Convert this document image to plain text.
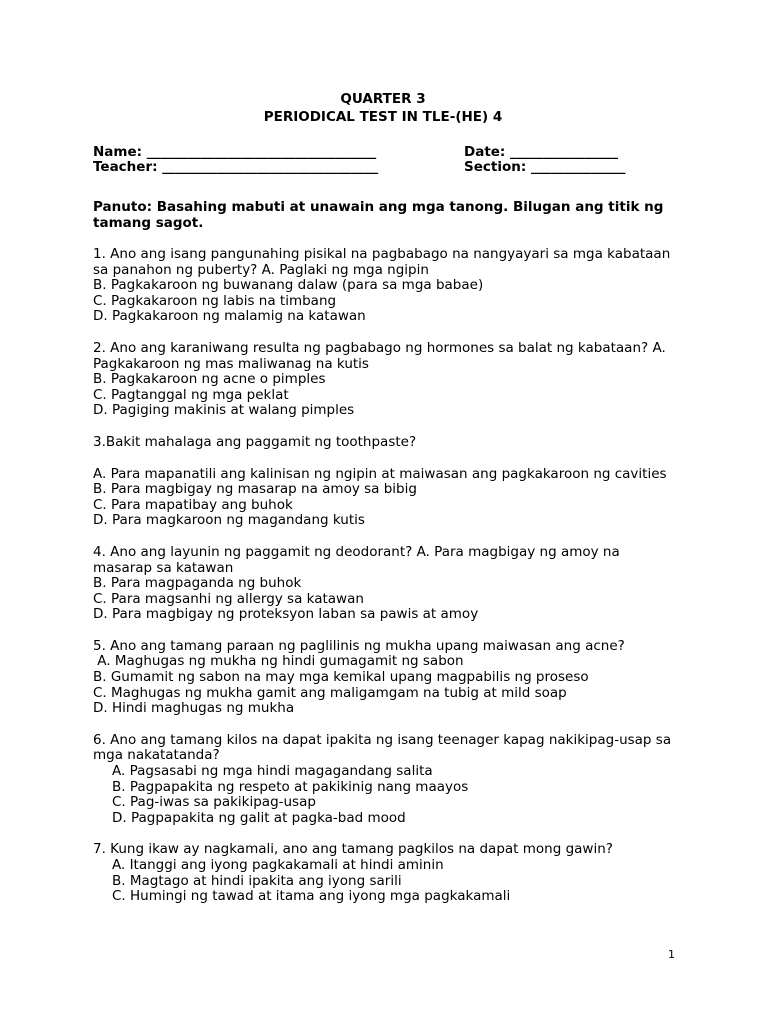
QUARTER 3
PERIODICAL TEST IN TLE-(HE) 4
Name: __________________________________	Date: ________________
Teacher: ________________________________	Section: ______________
Panuto: Basahing mabuti at unawain ang mga tanong. Bilugan ang titik ng tamang sagot.
1. Ano ang isang pangunahing pisikal na pagbabago na nangyayari sa mga kabataan sa panahon ng puberty? A. Paglaki ng mga ngipin
B. Pagkakaroon ng buwanang dalaw (para sa mga babae)
C. Pagkakaroon ng labis na timbang
D. Pagkakaroon ng malamig na katawan
2. Ano ang karaniwang resulta ng pagbabago ng hormones sa balat ng kabataan? A. Pagkakaroon ng mas maliwanag na kutis
B. Pagkakaroon ng acne o pimples
C. Pagtanggal ng mga peklat
D. Pagiging makinis at walang pimples
3.Bakit mahalaga ang paggamit ng toothpaste?
A. Para mapanatili ang kalinisan ng ngipin at maiwasan ang pagkakaroon ng cavities
B. Para magbigay ng masarap na amoy sa bibig
C. Para mapatibay ang buhok
D. Para magkaroon ng magandang kutis
4. Ano ang layunin ng paggamit ng deodorant? A. Para magbigay ng amoy na masarap sa katawan
B. Para magpaganda ng buhok
C. Para magsanhi ng allergy sa katawan
D. Para magbigay ng proteksyon laban sa pawis at amoy
5. Ano ang tamang paraan ng paglilinis ng mukha upang maiwasan ang acne?
A. Maghugas ng mukha ng hindi gumagamit ng sabon
B. Gumamit ng sabon na may mga kemikal upang magpabilis ng proseso
C. Maghugas ng mukha gamit ang maligamgam na tubig at mild soap
D. Hindi maghugas ng mukha
6. Ano ang tamang kilos na dapat ipakita ng isang teenager kapag nakikipag-usap sa mga nakatatanda?
A. Pagsasabi ng mga hindi magagandang salita
B. Pagpapakita ng respeto at pakikinig nang maayos
C. Pag-iwas sa pakikipag-usap
D. Pagpapakita ng galit at pagka-bad mood
7. Kung ikaw ay nagkamali, ano ang tamang pagkilos na dapat mong gawin?
A. Itanggi ang iyong pagkakamali at hindi aminin
B. Magtago at hindi ipakita ang iyong sarili
C. Humingi ng tawad at itama ang iyong mga pagkakamali
1
